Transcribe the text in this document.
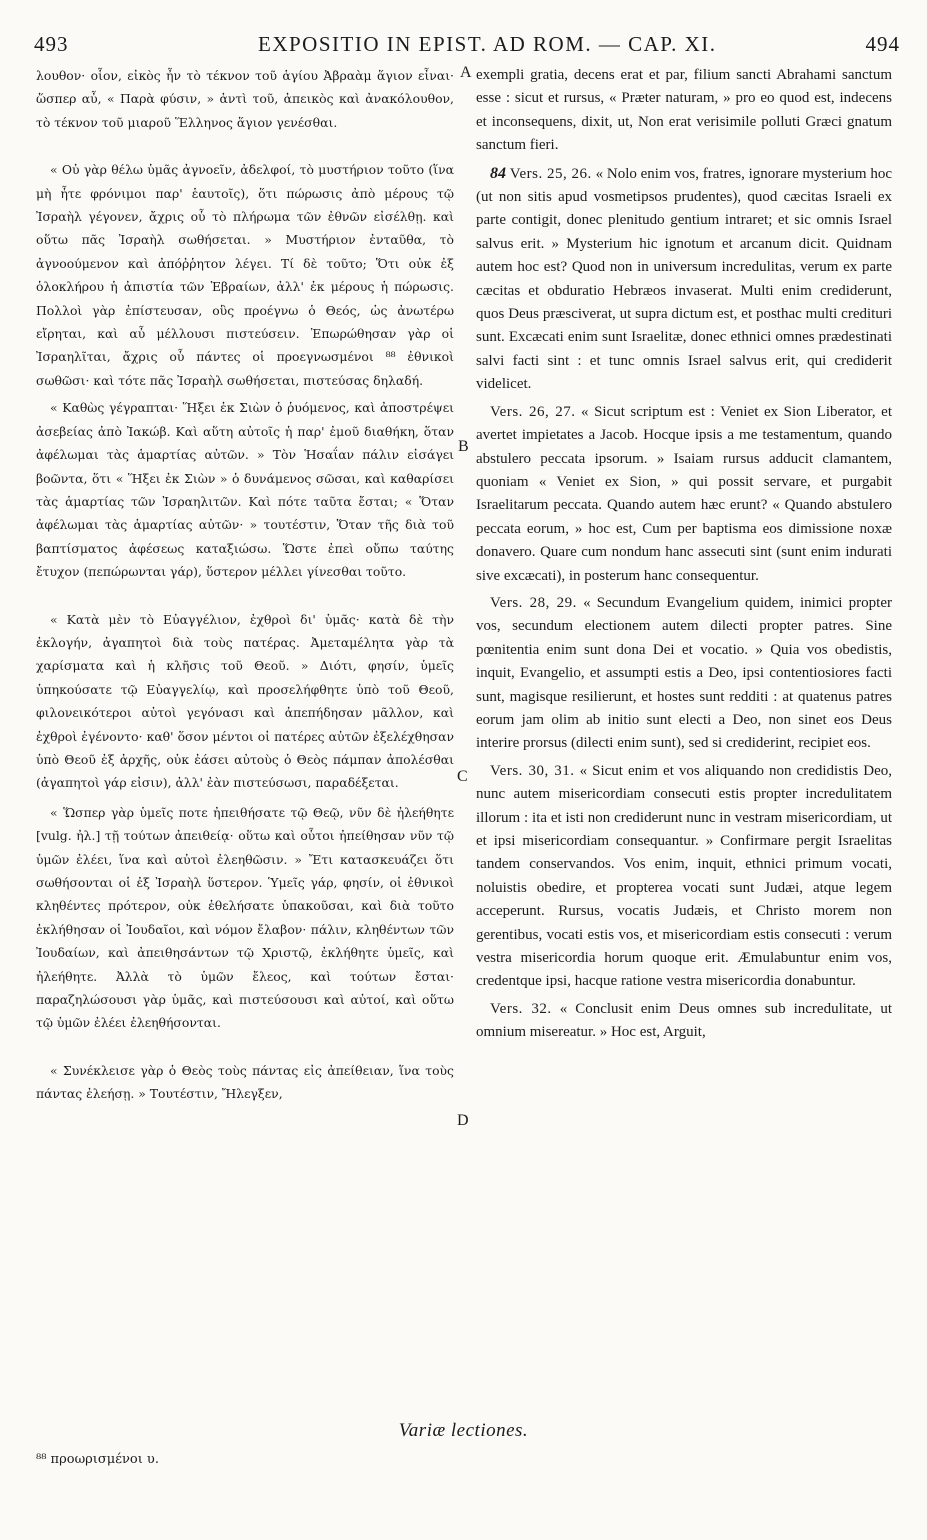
493	EXPOSITIO IN EPIST. AD ROM. — CAP. XI.	494

λουθον· οἷον, εἰκὸς ἦν τὸ τέκνον τοῦ ἁγίου Ἀβραὰμ ἅγιον εἶναι· ὥσπερ αὖ, « Παρὰ φύσιν, » ἀντὶ τοῦ, ἀπεικὸς καὶ ἀνακόλουθον, τὸ τέκνον τοῦ μιαροῦ Ἕλληνος ἅγιον γενέσθαι.

« Οὐ γὰρ θέλω ὑμᾶς ἀγνοεῖν, ἀδελφοί, τὸ μυστήριον τοῦτο (ἵνα μὴ ἦτε φρόνιμοι παρ' ἑαυτοῖς), ὅτι πώρωσις ἀπὸ μέρους τῷ Ἰσραὴλ γέγονεν, ἄχρις οὗ τὸ πλήρωμα τῶν ἐθνῶν εἰσέλθῃ. καὶ οὕτω πᾶς Ἰσραὴλ σωθήσεται. » Μυστήριον ἐνταῦθα, τὸ ἀγνοούμενον καὶ ἀπόῤῥητον λέγει. Τί δὲ τοῦτο; Ὅτι οὐκ ἐξ ὁλοκλήρου ἡ ἀπιστία τῶν Ἑβραίων, ἀλλ' ἐκ μέρους ἡ πώρωσις. Πολλοὶ γὰρ ἐπίστευσαν, οὓς προέγνω ὁ Θεός, ὡς ἀνωτέρω εἴρηται, καὶ αὖ μέλλουσι πιστεύσειν. Ἐπωρώθησαν γὰρ οἱ Ἰσραηλῖται, ἄχρις οὗ πάντες οἱ προεγνωσμένοι ⁸⁸ ἐθνικοὶ σωθῶσι· καὶ τότε πᾶς Ἰσραὴλ σωθήσεται, πιστεύσας δηλαδή.

« Καθὼς γέγραπται· Ἥξει ἐκ Σιὼν ὁ ῥυόμενος, καὶ ἀποστρέψει ἀσεβείας ἀπὸ Ἰακώβ. Καὶ αὕτη αὐτοῖς ἡ παρ' ἐμοῦ διαθήκη, ὅταν ἀφέλωμαι τὰς ἁμαρτίας αὐτῶν. » Τὸν Ἡσαΐαν πάλιν εἰσάγει βοῶντα, ὅτι « Ἥξει ἐκ Σιὼν » ὁ δυνάμενος σῶσαι, καὶ καθαρίσει τὰς ἁμαρτίας τῶν Ἰσραηλιτῶν. Καὶ πότε ταῦτα ἔσται; « Ὅταν ἀφέλωμαι τὰς ἁμαρτίας αὐτῶν· » τουτέστιν, Ὅταν τῆς διὰ τοῦ βαπτίσματος ἀφέσεως καταξιώσω. Ὥστε ἐπεὶ οὔπω ταύτης ἔτυχον (πεπώρωνται γάρ), ὕστερον μέλλει γίνεσθαι τοῦτο.

« Κατὰ μὲν τὸ Εὐαγγέλιον, ἐχθροὶ δι' ὑμᾶς· κατὰ δὲ τὴν ἐκλογήν, ἀγαπητοὶ διὰ τοὺς πατέρας. Ἀμεταμέλητα γὰρ τὰ χαρίσματα καὶ ἡ κλῆσις τοῦ Θεοῦ. » Διότι, φησίν, ὑμεῖς ὑπηκούσατε τῷ Εὐαγγελίῳ, καὶ προσελήφθητε ὑπὸ τοῦ Θεοῦ, φιλονεικότεροι αὐτοὶ γεγόνασι καὶ ἀπεπήδησαν μᾶλλον, καὶ ἐχθροὶ ἐγένοντο· καθ' ὅσον μέντοι οἱ πατέρες αὐτῶν ἐξελέχθησαν ὑπὸ Θεοῦ ἐξ ἀρχῆς, οὐκ ἐάσει αὐτοὺς ὁ Θεὸς πάμπαν ἀπολέσθαι (ἀγαπητοὶ γάρ εἰσιν), ἀλλ' ἐὰν πιστεύσωσι, παραδέξεται.

« Ὥσπερ γὰρ ὑμεῖς ποτε ἠπειθήσατε τῷ Θεῷ, νῦν δὲ ἠλεήθητε [vulg. ἠλ.] τῇ τούτων ἀπειθείᾳ· οὕτω καὶ οὗτοι ἠπείθησαν νῦν τῷ ὑμῶν ἐλέει, ἵνα καὶ αὐτοὶ ἐλεηθῶσιν. » Ἔτι κατασκευάζει ὅτι σωθήσονται οἱ ἐξ Ἰσραὴλ ὕστερον. Ὑμεῖς γάρ, φησίν, οἱ ἐθνικοὶ κληθέντες πρότερον, οὐκ ἐθελήσατε ὑπακοῦσαι, καὶ διὰ τοῦτο ἐκλήθησαν οἱ Ἰουδαῖοι, καὶ νόμον ἔλαβον· πάλιν, κληθέντων τῶν Ἰουδαίων, καὶ ἀπειθησάντων τῷ Χριστῷ, ἐκλήθητε ὑμεῖς, καὶ ἠλεήθητε. Ἀλλὰ τὸ ὑμῶν ἔλεος, καὶ τούτων ἔσται· παραζηλώσουσι γὰρ ὑμᾶς, καὶ πιστεύσουσι καὶ αὐτοί, καὶ οὕτω τῷ ὑμῶν ἐλέει ἐλεηθήσονται.

« Συνέκλεισε γὰρ ὁ Θεὸς τοὺς πάντας εἰς ἀπείθειαν, ἵνα τοὺς πάντας ἐλεήσῃ. » Τουτέστιν, Ἤλεγξεν,

A
B
C
D

exempli gratia, decens erat et par, filium sancti Abrahami sanctum esse : sicut et rursus, « Præter naturam, » pro eo quod est, indecens et inconsequens, dixit, ut, Non erat verisimile polluti Græci gnatum sanctum fieri.

84 Vers. 25, 26. « Nolo enim vos, fratres, ignorare mysterium hoc (ut non sitis apud vosmetipsos prudentes), quod cæcitas Israeli ex parte contigit, donec plenitudo gentium intraret; et sic omnis Israel salvus erit. » Mysterium hic ignotum et arcanum dicit. Quidnam autem hoc est? Quod non in universum incredulitas, verum ex parte cæcitas et obduratio Hebræos invaserat. Multi enim crediderunt, quos Deus præsciverat, ut supra dictum est, et posthac multi credituri sunt. Excæcati enim sunt Israelitæ, donec ethnici omnes prædestinati salvi facti sint : et tunc omnis Israel salvus erit, qui crediderit videlicet.

Vers. 26, 27. « Sicut scriptum est : Veniet ex Sion Liberator, et avertet impietates a Jacob. Hocque ipsis a me testamentum, quando abstulero peccata ipsorum. » Isaiam rursus adducit clamantem, quoniam « Veniet ex Sion, » qui possit servare, et purgabit Israelitarum peccata. Quando autem hæc erunt? « Quando abstulero peccata eorum, » hoc est, Cum per baptisma eos dimissione noxæ donavero. Quare cum nondum hanc assecuti sint (sunt enim indurati sive excæcati), in posterum hanc consequentur.

Vers. 28, 29. « Secundum Evangelium quidem, inimici propter vos, secundum electionem autem dilecti propter patres. Sine pœnitentia enim sunt dona Dei et vocatio. » Quia vos obedistis, inquit, Evangelio, et assumpti estis a Deo, ipsi contentiosiores facti sunt, magisque resilierunt, et hostes sunt redditi : at quatenus patres eorum jam olim ab initio sunt electi a Deo, non sinet eos Deus interire prorsus (dilecti enim sunt), sed si crediderint, recipiet eos.

Vers. 30, 31. « Sicut enim et vos aliquando non credidistis Deo, nunc autem misericordiam consecuti estis propter incredulitatem illorum : ita et isti non crediderunt nunc in vestram misericordiam, ut et ipsi misericordiam consequantur. » Confirmare pergit Israelitas tandem conservandos. Vos enim, inquit, ethnici primum vocati, noluistis obedire, et propterea vocati sunt Judæi, atque legem acceperunt. Rursus, vocatis Judæis, et Christo morem non gerentibus, vocati estis vos, et misericordiam estis consecuti : verum vestra misericordia horum quoque erit. Æmulabuntur enim vos, credentque ipsi, hacque ratione vestra misericordia donabuntur.

Vers. 32. « Conclusit enim Deus omnes sub incredulitate, ut omnium misereatur. » Hoc est, Arguit,

Variæ lectiones.
⁸⁸ προωρισμένοι υ.
